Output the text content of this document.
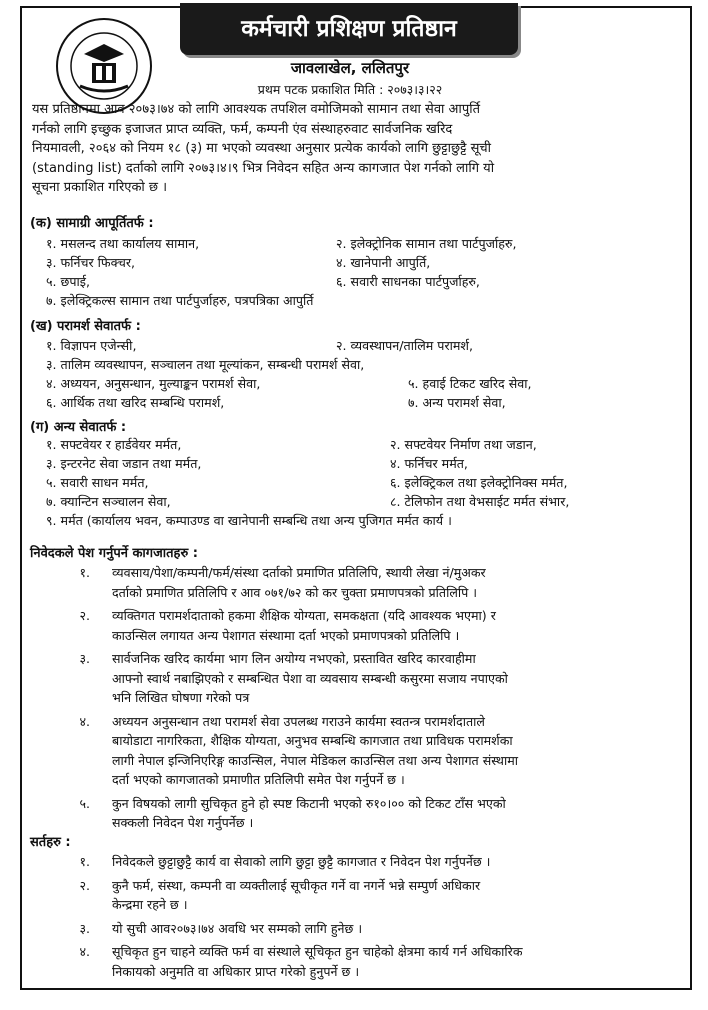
कर्मचारी प्रशिक्षण प्रतिष्ठान
जावलाखेल, ललितपुर
प्रथम पटक प्रकाशित मिति : २०७३।३।२२
यस प्रतिष्ठानमा आव २०७३।७४ को लागि आवश्यक तपशिल वमोजिमको सामान तथा सेवा आपुर्ति
गर्नको लागि इच्छुक इजाजत प्राप्त व्यक्ति, फर्म, कम्पनी एंव संस्थाहरुवाट सार्वजनिक खरिद
नियमावली, २०६४ को नियम १८ (३) मा भएको व्यवस्था अनुसार प्रत्येक कार्यको लागि छुट्टाछुट्टै सूची
(standing list) दर्ताको लागि २०७३।४।९ भित्र निवेदन सहित अन्य कागजात पेश गर्नको लागि यो
सूचना प्रकाशित गरिएको छ ।
(क) सामाग्री आपूर्तितर्फ :
१. मसलन्द तथा कार्यालय सामान,	२. इलेक्ट्रोनिक सामान तथा पार्टपुर्जाहरु,
३. फर्निचर फिक्चर,	४. खानेपानी आपुर्ति,
५. छपाई,	६. सवारी साधनका पार्टपुर्जाहरु,
७. इलेक्ट्रिकल्स सामान तथा पार्टपुर्जाहरु, पत्रपत्रिका आपुर्ति
(ख) परामर्श सेवातर्फ :
१. विज्ञापन एजेन्सी,	२. व्यवस्थापन/तालिम परामर्श,
३. तालिम व्यवस्थापन, सञ्चालन तथा मूल्यांकन, सम्बन्धी परामर्श सेवा,
४. अध्ययन, अनुसन्धान, मुल्याङ्कन परामर्श सेवा,	५. हवाई टिकट खरिद सेवा,
६. आर्थिक तथा खरिद सम्बन्धि परामर्श,	७. अन्य परामर्श सेवा,
(ग) अन्य सेवातर्फ :
१. सफ्टवेयर र हार्डवेयर मर्मत,	२. सफ्टवेयर निर्माण तथा जडान,
३. इन्टरनेट सेवा जडान तथा मर्मत,	४. फर्निचर मर्मत,
५. सवारी साधन मर्मत,	६. इलेक्ट्रिकल तथा इलेक्ट्रोनिक्स मर्मत,
७. क्यान्टिन सञ्चालन सेवा,	८. टेलिफोन तथा वेभसाईट मर्मत संभार,
९. मर्मत (कार्यालय भवन, कम्पाउण्ड वा खानेपानी सम्बन्धि तथा अन्य पुजिगत मर्मत कार्य ।
निवेदकले पेश गर्नुपर्ने कागजातहरु :
१.	व्यवसाय/पेशा/कम्पनी/फर्म/संस्था दर्ताको प्रमाणित प्रतिलिपि, स्थायी लेखा नं/मुअकर
दर्ताको प्रमाणित प्रतिलिपि र आव ०७१/७२ को कर चुक्ता प्रमाणपत्रको प्रतिलिपि ।
२.	व्यक्तिगत परामर्शदाताको हकमा शैक्षिक योग्यता, समकक्षता (यदि आवश्यक भएमा) र
काउन्सिल लगायत अन्य पेशागत संस्थामा दर्ता भएको प्रमाणपत्रको प्रतिलिपि ।
३.	सार्वजनिक खरिद कार्यमा भाग लिन अयोग्य नभएको, प्रस्तावित खरिद कारवाहीमा
आफ्नो स्वार्थ नबाझिएको र सम्बन्धित पेशा वा व्यवसाय सम्बन्धी कसुरमा सजाय नपाएको
भनि लिखित घोषणा गरेको पत्र
४.	अध्ययन अनुसन्धान तथा परामर्श सेवा उपलब्ध गराउने कार्यमा स्वतन्त्र परामर्शदाताले
बायोडाटा नागरिकता, शैक्षिक योग्यता, अनुभव सम्बन्धि कागजात तथा प्राविधक परामर्शका
लागी नेपाल इन्जिनिएरिङ्ग काउन्सिल, नेपाल मेडिकल काउन्सिल तथा अन्य पेशागत संस्थामा
दर्ता भएको कागजातको प्रमाणीत प्रतिलिपी समेत पेश गर्नुपर्ने छ ।
५.	कुन विषयको लागी सुचिकृत हुने हो स्पष्ट किटानी भएको रु१०।०० को टिकट टाँस भएको
सक्कली निवेदन पेश गर्नुपर्नेछ ।
सर्तहरु :
१.	निवेदकले छुट्टाछुट्टै कार्य वा सेवाको लागि छुट्टा छुट्टै कागजात र निवेदन पेश गर्नुपर्नेछ ।
२.	कुनै फर्म, संस्था, कम्पनी वा व्यक्तीलाई सूचीकृत गर्ने वा नगर्ने भन्ने सम्पुर्ण अधिकार
केन्द्रमा रहने छ ।
३.	यो सुची आव२०७३।७४ अवधि भर सम्मको लागि हुनेछ ।
४.	सूचिकृत हुन चाहने व्यक्ति फर्म वा संस्थाले सूचिकृत हुन चाहेको क्षेत्रमा कार्य गर्न अधिकारिक
निकायको अनुमति वा अधिकार प्राप्त गरेको हुनुपर्ने छ ।
